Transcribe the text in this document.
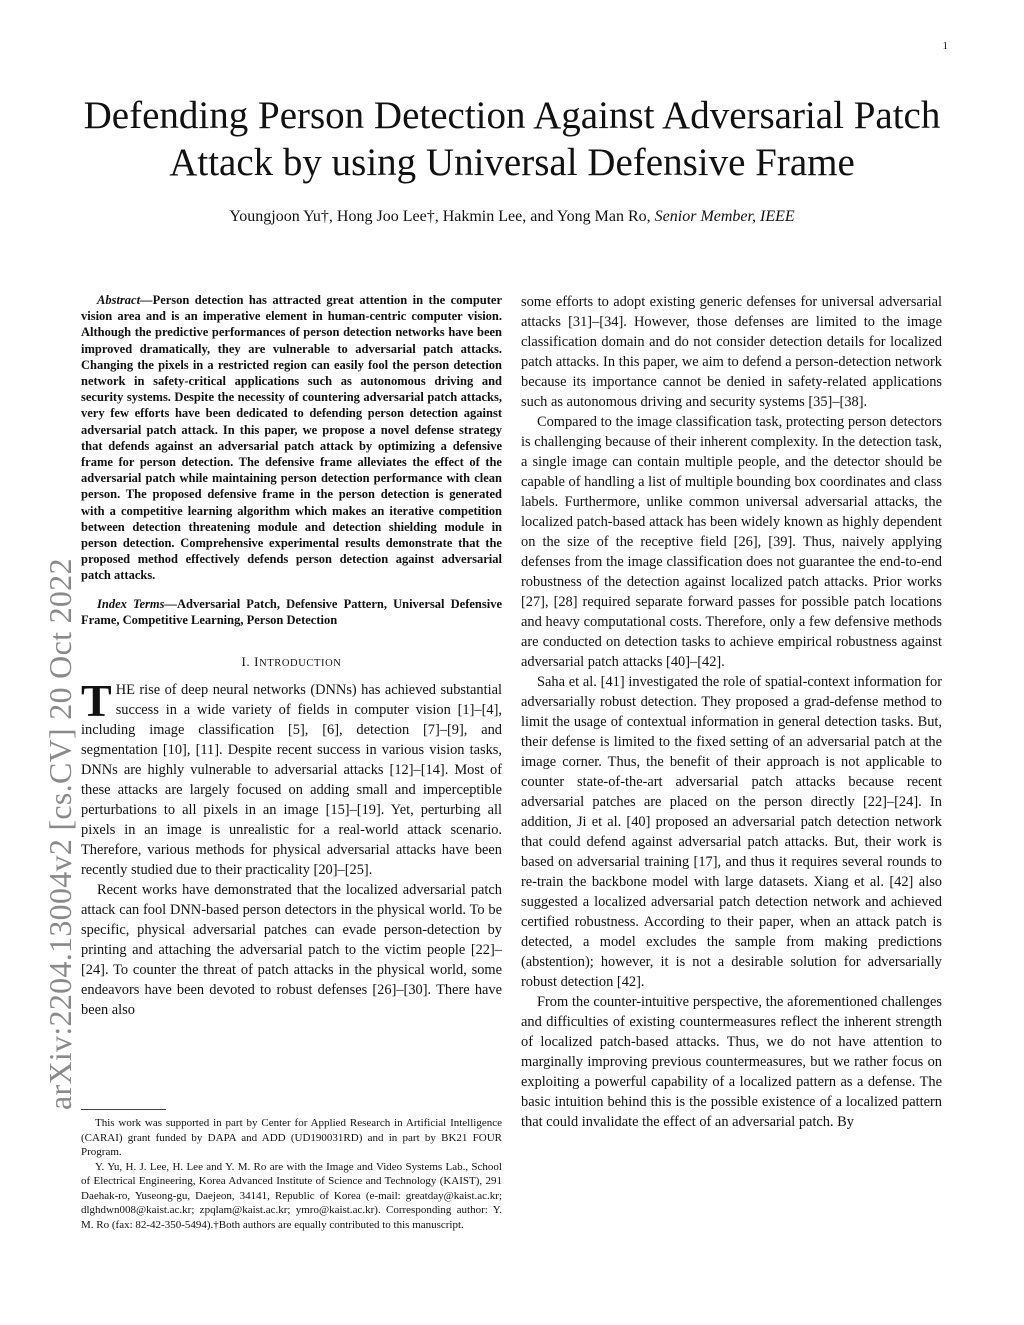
1
arXiv:2204.13004v2 [cs.CV] 20 Oct 2022
Defending Person Detection Against Adversarial Patch Attack by using Universal Defensive Frame
Youngjoon Yu†, Hong Joo Lee†, Hakmin Lee, and Yong Man Ro, Senior Member, IEEE

Abstract—Person detection has attracted great attention in the computer vision area and is an imperative element in human-centric computer vision. Although the predictive performances of person detection networks have been improved dramatically, they are vulnerable to adversarial patch attacks. Changing the pixels in a restricted region can easily fool the person detection network in safety-critical applications such as autonomous driving and security systems. Despite the necessity of countering adversarial patch attacks, very few efforts have been dedicated to defending person detection against adversarial patch attack. In this paper, we propose a novel defense strategy that defends against an adversarial patch attack by optimizing a defensive frame for person detection. The defensive frame alleviates the effect of the adversarial patch while maintaining person detection performance with clean person. The proposed defensive frame in the person detection is generated with a competitive learning algorithm which makes an iterative competition between detection threatening module and detection shielding module in person detection. Comprehensive experimental results demonstrate that the proposed method effectively defends person detection against adversarial patch attacks.

Index Terms—Adversarial Patch, Defensive Pattern, Universal Defensive Frame, Competitive Learning, Person Detection

I. INTRODUCTION

THE rise of deep neural networks (DNNs) has achieved substantial success in a wide variety of fields in computer vision [1]–[4], including image classification [5], [6], detection [7]–[9], and segmentation [10], [11]. Despite recent success in various vision tasks, DNNs are highly vulnerable to adversarial attacks [12]–[14]. Most of these attacks are largely focused on adding small and imperceptible perturbations to all pixels in an image [15]–[19]. Yet, perturbing all pixels in an image is unrealistic for a real-world attack scenario. Therefore, various methods for physical adversarial attacks have been recently studied due to their practicality [20]–[25].

Recent works have demonstrated that the localized adversarial patch attack can fool DNN-based person detectors in the physical world. To be specific, physical adversarial patches can evade person-detection by printing and attaching the adversarial patch to the victim people [22]–[24]. To counter the threat of patch attacks in the physical world, some endeavors have been devoted to robust defenses [26]–[30]. There have been also

This work was supported in part by Center for Applied Research in Artificial Intelligence (CARAI) grant funded by DAPA and ADD (UD190031RD) and in part by BK21 FOUR Program.

Y. Yu, H. J. Lee, H. Lee and Y. M. Ro are with the Image and Video Systems Lab., School of Electrical Engineering, Korea Advanced Institute of Science and Technology (KAIST), 291 Daehak-ro, Yuseong-gu, Daejeon, 34141, Republic of Korea (e-mail: greatday@kaist.ac.kr; dlghdwn008@kaist.ac.kr; zpqlam@kaist.ac.kr; ymro@kaist.ac.kr). Corresponding author: Y. M. Ro (fax: 82-42-350-5494).†Both authors are equally contributed to this manuscript.

some efforts to adopt existing generic defenses for universal adversarial attacks [31]–[34]. However, those defenses are limited to the image classification domain and do not consider detection details for localized patch attacks. In this paper, we aim to defend a person-detection network because its importance cannot be denied in safety-related applications such as autonomous driving and security systems [35]–[38].

Compared to the image classification task, protecting person detectors is challenging because of their inherent complexity. In the detection task, a single image can contain multiple people, and the detector should be capable of handling a list of multiple bounding box coordinates and class labels. Furthermore, unlike common universal adversarial attacks, the localized patch-based attack has been widely known as highly dependent on the size of the receptive field [26], [39]. Thus, naively applying defenses from the image classification does not guarantee the end-to-end robustness of the detection against localized patch attacks. Prior works [27], [28] required separate forward passes for possible patch locations and heavy computational costs. Therefore, only a few defensive methods are conducted on detection tasks to achieve empirical robustness against adversarial patch attacks [40]–[42].

Saha et al. [41] investigated the role of spatial-context information for adversarially robust detection. They proposed a grad-defense method to limit the usage of contextual information in general detection tasks. But, their defense is limited to the fixed setting of an adversarial patch at the image corner. Thus, the benefit of their approach is not applicable to counter state-of-the-art adversarial patch attacks because recent adversarial patches are placed on the person directly [22]–[24]. In addition, Ji et al. [40] proposed an adversarial patch detection network that could defend against adversarial patch attacks. But, their work is based on adversarial training [17], and thus it requires several rounds to re-train the backbone model with large datasets. Xiang et al. [42] also suggested a localized adversarial patch detection network and achieved certified robustness. According to their paper, when an attack patch is detected, a model excludes the sample from making predictions (abstention); however, it is not a desirable solution for adversarially robust detection [42].

From the counter-intuitive perspective, the aforementioned challenges and difficulties of existing countermeasures reflect the inherent strength of localized patch-based attacks. Thus, we do not have attention to marginally improving previous countermeasures, but we rather focus on exploiting a powerful capability of a localized pattern as a defense. The basic intuition behind this is the possible existence of a localized pattern that could invalidate the effect of an adversarial patch. By
